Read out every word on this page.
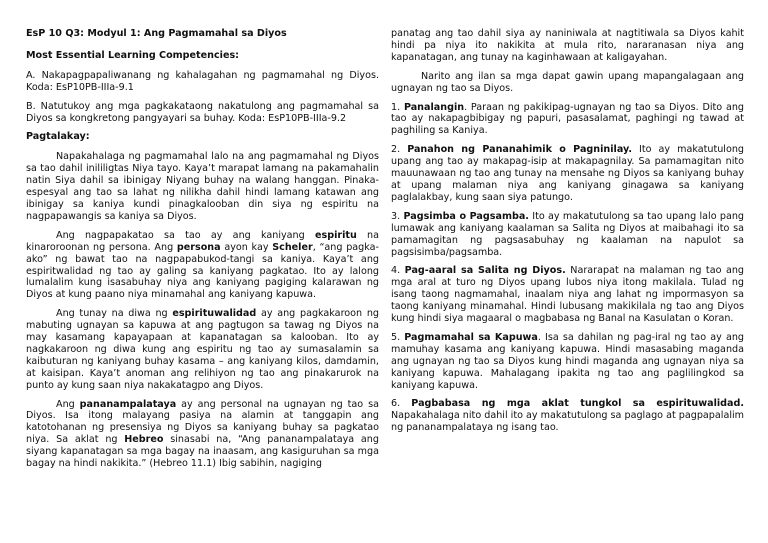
EsP 10 Q3: Modyul 1: Ang Pagmamahal sa Diyos

Most Essential Learning Competencies:

A. Nakapagpapaliwanang ng kahalagahan ng pagmamahal ng Diyos. Koda: EsP10PB-IIIa-9.1

B. Natutukoy ang mga pagkakataong nakatulong ang pagmamahal sa Diyos sa kongkretong pangyayari sa buhay. Koda: EsP10PB-IIIa-9.2

Pagtalakay:

Napakahalaga ng pagmamahal lalo na ang pagmamahal ng Diyos sa tao dahil inililigtas Niya tayo. Kaya’t marapat lamang na pakamahalin natin Siya dahil sa ibinigay Niyang buhay na walang hanggan. Pinaka-espesyal ang tao sa lahat ng nilikha dahil hindi lamang katawan ang ibinigay sa kaniya kundi pinagkalooban din siya ng espiritu na nagpapawangis sa kaniya sa Diyos.

Ang nagpapakatao sa tao ay ang kaniyang espiritu na kinaroroonan ng persona. Ang persona ayon kay Scheler, “ang pagka-ako” ng bawat tao na nagpapabukod-tangi sa kaniya. Kaya’t ang espiritwalidad ng tao ay galing sa kaniyang pagkatao. Ito ay lalong lumalalim kung isasabuhay niya ang kaniyang pagiging kalarawan ng Diyos at kung paano niya minamahal ang kaniyang kapuwa.

Ang tunay na diwa ng espirituwalidad ay ang pagkakaroon ng mabuting ugnayan sa kapuwa at ang pagtugon sa tawag ng Diyos na may kasamang kapayapaan at kapanatagan sa kalooban. Ito ay nagkakaroon ng diwa kung ang espiritu ng tao ay sumasalamin sa kaibuturan ng kaniyang buhay kasama – ang kaniyang kilos, damdamin, at kaisipan. Kaya’t anoman ang relihiyon ng tao ang pinakarurok na punto ay kung saan niya nakakatagpo ang Diyos.

Ang pananampalataya ay ang personal na ugnayan ng tao sa Diyos. Isa itong malayang pasiya na alamin at tanggapin ang katotohanan ng presensiya ng Diyos sa kaniyang buhay sa pagkatao niya. Sa aklat ng Hebreo sinasabi na, “Ang pananampalataya ang siyang kapanatagan sa mga bagay na inaasam, ang kasiguruhan sa mga bagay na hindi nakikita.” (Hebreo 11.1) Ibig sabihin, nagiging

panatag ang tao dahil siya ay naniniwala at nagtitiwala sa Diyos kahit hindi pa niya ito nakikita at mula rito, nararanasan niya ang kapanatagan, ang tunay na kaginhawaan at kaligayahan.

Narito ang ilan sa mga dapat gawin upang mapangalagaan ang ugnayan ng tao sa Diyos.

1. Panalangin. Paraan ng pakikipag-ugnayan ng tao sa Diyos. Dito ang tao ay nakapagbibigay ng papuri, pasasalamat, paghingi ng tawad at paghiling sa Kaniya.

2. Panahon ng Pananahimik o Pagninilay. Ito ay makatutulong upang ang tao ay makapag-isip at makapagnilay. Sa pamamagitan nito mauunawaan ng tao ang tunay na mensahe ng Diyos sa kaniyang buhay at upang malaman niya ang kaniyang ginagawa sa kaniyang paglalakbay, kung saan siya patungo.

3. Pagsimba o Pagsamba. Ito ay makatutulong sa tao upang lalo pang lumawak ang kaniyang kaalaman sa Salita ng Diyos at maibahagi ito sa pamamagitan ng pagsasabuhay ng kaalaman na napulot sa pagsisimba/pagsamba.

4. Pag-aaral sa Salita ng Diyos. Nararapat na malaman ng tao ang mga aral at turo ng Diyos upang lubos niya itong makilala. Tulad ng isang taong nagmamahal, inaalam niya ang lahat ng impormasyon sa taong kaniyang minamahal. Hindi lubusang makikilala ng tao ang Diyos kung hindi siya magaaral o magbabasa ng Banal na Kasulatan o Koran.

5. Pagmamahal sa Kapuwa. Isa sa dahilan ng pag-iral ng tao ay ang mamuhay kasama ang kaniyang kapuwa. Hindi masasabing maganda ang ugnayan ng tao sa Diyos kung hindi maganda ang ugnayan niya sa kaniyang kapuwa. Mahalagang ipakita ng tao ang paglilingkod sa kaniyang kapuwa.

6. Pagbabasa ng mga aklat tungkol sa espirituwalidad. Napakahalaga nito dahil ito ay makatutulong sa paglago at pagpapalalim ng pananampalataya ng isang tao.
